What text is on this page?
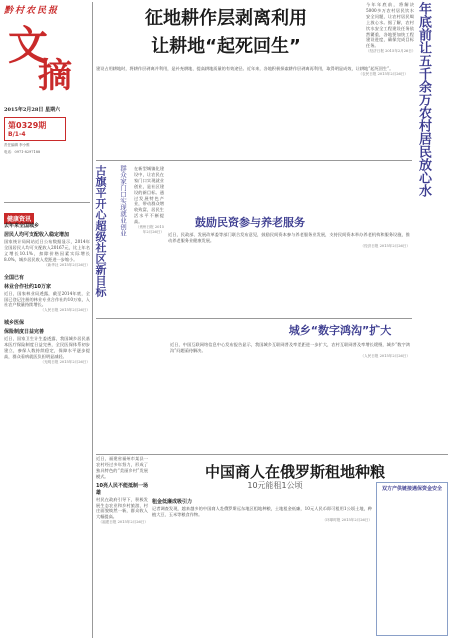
黔村农民报
文
摘
2015年2月28日 星期六
第0329期
B/1-4
责任编辑 李小维
电话：0971-8297188
健康资讯
去年来全国城乡
居民人均可支配收入稳定增加

国家统计局网站近日公布数据显示，2014年全国居民人均可支配收入20167元，比上年名义增长10.1%，扣除价格因素实际增长8.0%，城乡居民收入差距进一步缩小。

（新华社 2015年2月26日）
全国已有
林业合作社约10万家

近日，国家林业局透露，截至2014年底，全国已登记注册的林业专业合作社约10万家，入社农户数量持续增长。

（人民日报 2015年2月26日）
城乡医保
保险制度日益完善

近日，国家卫生计生委透露，我国城乡居民基本医疗保险制度日益完善，全民医保体系初步建立，参保人数持续稳定，保障水平逐步提高，群众看病就医负担明显减轻。

（光明日报 2015年2月26日）
征地耕作层剥离利用
让耕地“起死回生”

建设占用耕地时，将耕作层剥离并利用，是补充耕地、提高耕地质量的有效途径。近年来，各地积极探索耕作层剥离再利用，取得明显成效，让耕地“起死回生”。

（农民日报 2015年2月26日）

今年年底前，将解决5000多万农村居民饮水安全问题，让农村居民喝上放心水。据了解，农村饮水安全工程建设任务依然繁重，各地要加快工程建设进度，确保完成目标任务。

（经济日报 2015年2月26日） 年底前让五千余万农村居民放心水
古旗平开心超级社区新目标 群众家门口实现就业创业 在新型城镇化建设中，让农民在家门口实现就业创业，是社区建设的新目标。通过发展特色产业，带动群众增收致富，居民生活水平不断提高。

（贵州日报 2015年2月26日）
鼓励民资参与养老服务

近日，民政部、发展改革委等部门联合发布意见，鼓励民间资本参与养老服务业发展，支持民间资本举办养老机构和服务设施，推动养老服务业健康发展。

（经济日报 2015年2月26日）
城乡“数字鸿沟”扩大

近日，中国互联网络信息中心发布报告显示，我国城乡互联网普及率差距进一步扩大，农村互联网普及率增长缓慢，城乡“数字鸿沟”问题亟待解决。

（人民日报 2015年2月26日）

近日，福建省福州市某县一农村经过多年努力，形成了独具特色的“美丽乡村”发展模式。

10亮人民不能抵制一场雄

村民在政府引导下，积极发展生态农业和乡村旅游，村庄面貌焕然一新，群众收入大幅提高。

（福建日报 2015年2月26日）
中国商人在俄罗斯租地种粮
10元能租1公顷
租金低廉成吸引力

记者调查发现，越来越多的中国商人赴俄罗斯远东地区租地种粮，土地租金低廉，10元人民币即可租用1公顷土地，种植大豆、玉米等粮食作物。

（环球时报 2015年2月26日）
双方产供链接遇保资金安全
